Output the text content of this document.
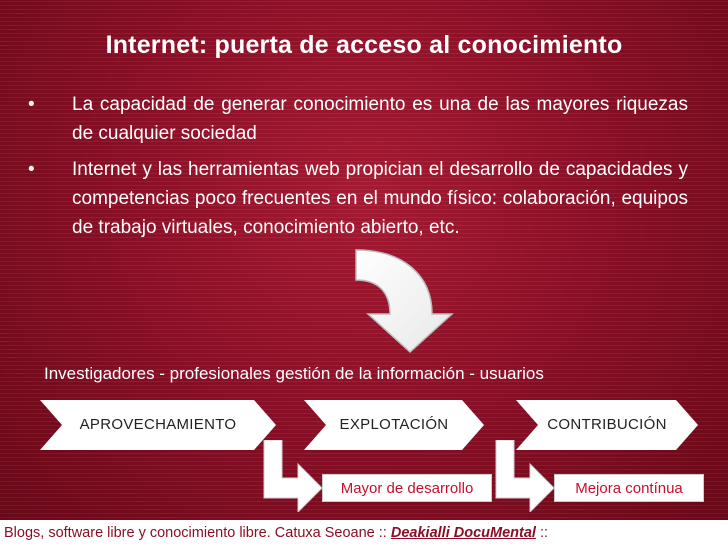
Internet: puerta de acceso al conocimiento
•	La capacidad de generar conocimiento es una de las mayores riquezas de cualquier sociedad
•	Internet y las herramientas web propician el desarrollo de capacidades y competencias poco frecuentes en el mundo físico: colaboración, equipos de trabajo virtuales, conocimiento abierto, etc.
Investigadores - profesionales gestión de la información - usuarios
APROVECHAMIENTO	EXPLOTACIÓN	CONTRIBUCIÓN
Mayor de desarrollo	Mejora contínua
Blogs, software libre y conocimiento libre. Catuxa Seoane :: Deakialli DocuMental ::
